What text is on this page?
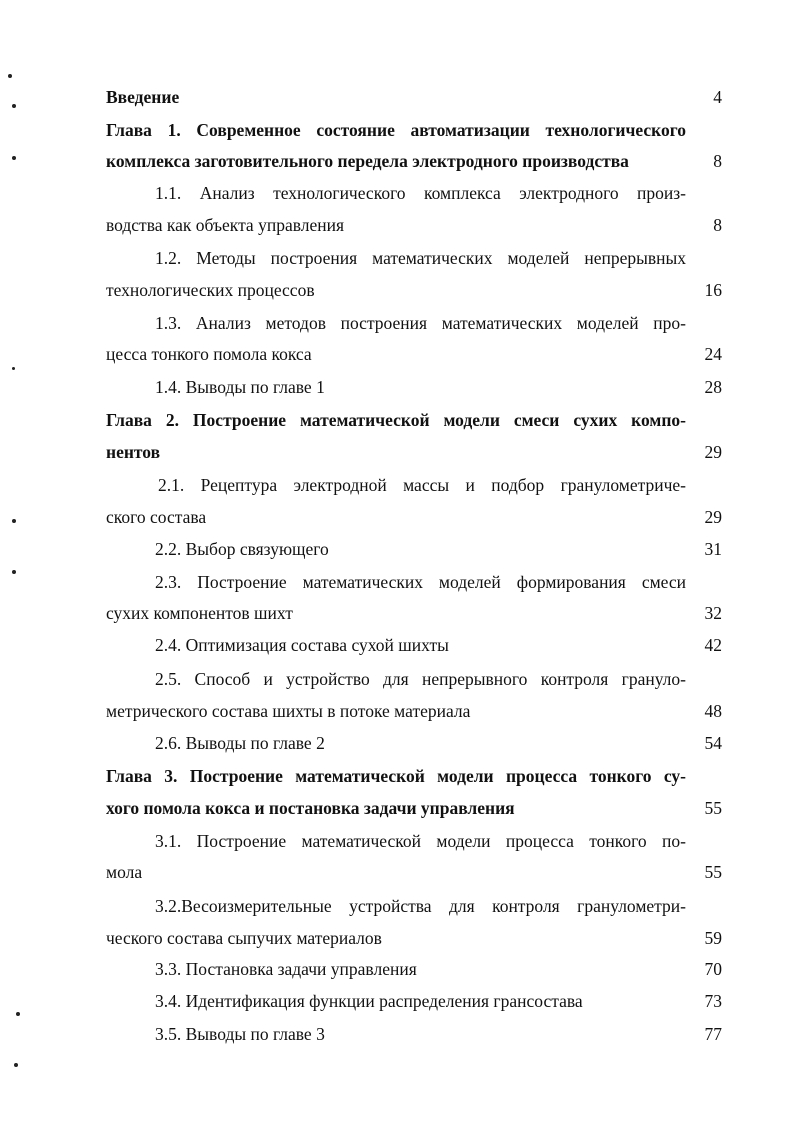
Введение	4
Глава 1. Современное состояние автоматизации технологического
комплекса заготовительного передела электродного производства	8
1.1. Анализ технологического комплекса электродного произ-
водства как объекта управления	8
1.2. Методы построения математических моделей непрерывных
технологических процессов	16
1.3. Анализ методов построения математических моделей про-
цесса тонкого помола кокса	24
1.4. Выводы по главе 1	28
Глава 2. Построение математической модели смеси сухих компо-
нентов	29
2.1. Рецептура электродной массы и подбор гранулометриче-
ского состава	29
2.2. Выбор связующего	31
2.3. Построение математических моделей формирования смеси
сухих компонентов шихт	32
2.4. Оптимизация состава сухой шихты	42
2.5. Способ и устройство для непрерывного контроля грануло-
метрического состава шихты в потоке материала	48
2.6. Выводы по главе 2	54
Глава 3. Построение математической модели процесса тонкого су-
хого помола кокса и постановка задачи управления	55
3.1. Построение математической модели процесса тонкого по-
мола	55
3.2.Весоизмерительные устройства для контроля гранулометри-
ческого состава сыпучих материалов	59
3.3. Постановка задачи управления	70
3.4. Идентификация функции распределения грансостава	73
3.5. Выводы по главе 3	77
